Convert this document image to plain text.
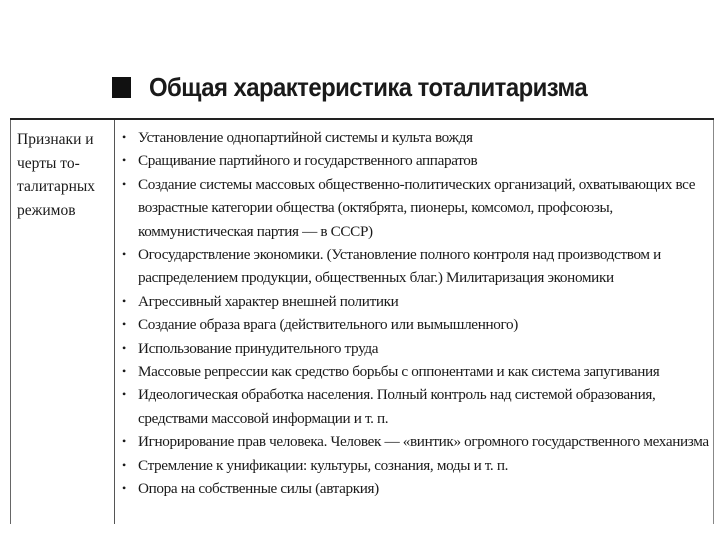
Общая характеристика тоталитаризма
Признаки и черты то-талитарных режимов
• Установление однопартийной системы и культа вождя
• Сращивание партийного и государственного аппаратов
• Создание системы массовых общественно-политических организаций, охватывающих все возрастные категории общества (октябрята, пионеры, комсомол, профсоюзы, коммунистическая партия — в СССР)
• Огосударствление экономики. (Установление полного контроля над производством и распределением продукции, общественных благ.) Милитаризация экономики
• Агрессивный характер внешней политики
• Создание образа врага (действительного или вымышленного)
• Использование принудительного труда
• Массовые репрессии как средство борьбы с оппонентами и как система запугивания
• Идеологическая обработка населения. Полный контроль над системой образования, средствами массовой информации и т. п.
• Игнорирование прав человека. Человек — «винтик» огромного государственного механизма
• Стремление к унификации: культуры, сознания, моды и т. п.
• Опора на собственные силы (автаркия)
